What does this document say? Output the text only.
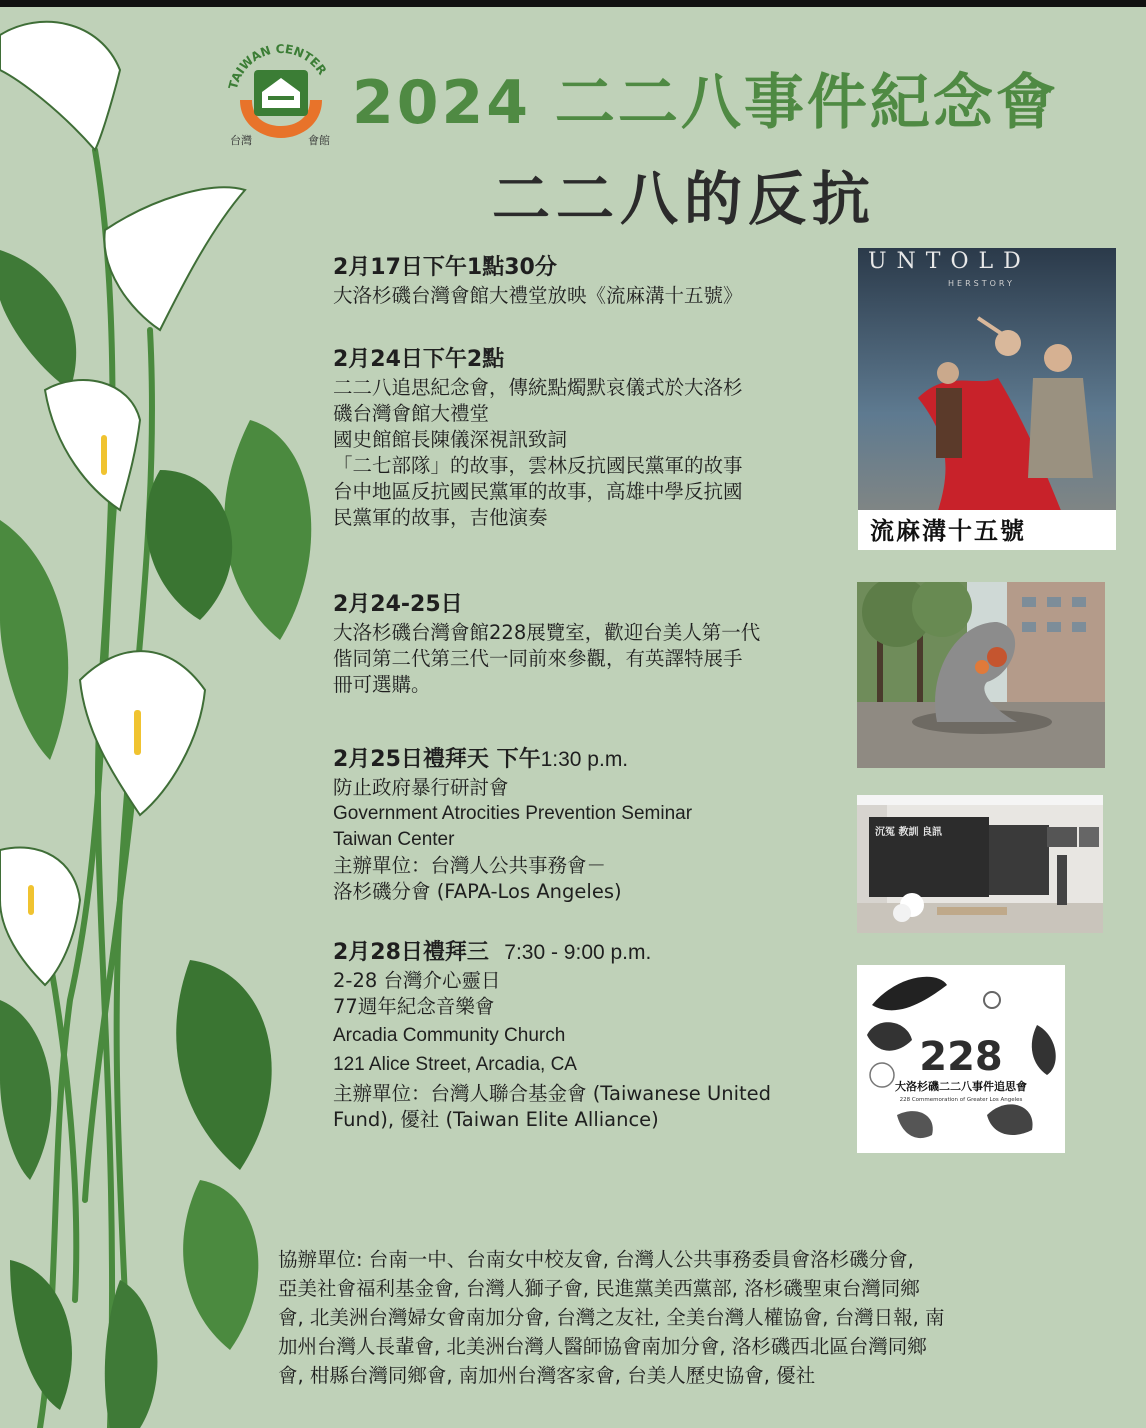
TAIWAN CENTER
台灣	會館
2024 二二八事件紀念會
二二八的反抗
2月17日下午1點30分
大洛杉磯台灣會館大禮堂放映《流麻溝十五號》
2月24日下午2點
二二八追思紀念會，傳統點燭默哀儀式於大洛杉
磯台灣會館大禮堂
國史館館長陳儀深視訊致詞
「二七部隊」的故事，雲林反抗國民黨軍的故事
台中地區反抗國民黨軍的故事，高雄中學反抗國
民黨軍的故事，吉他演奏
2月24-25日
大洛杉磯台灣會館228展覽室，歡迎台美人第一代
偕同第二代第三代一同前來參觀，有英譯特展手
冊可選購。
2月25日禮拜天 下午1:30 p.m.
防止政府暴行研討會
Government Atrocities Prevention Seminar
Taiwan Center
主辦單位：台灣人公共事務會－
洛杉磯分會 (FAPA-Los Angeles)
2月28日禮拜三 7:30 - 9:00 p.m.
2-28 台灣介心靈日
77週年紀念音樂會
Arcadia Community Church
121 Alice Street, Arcadia, CA
主辦單位：台灣人聯合基金會 (Taiwanese United
Fund), 優社 (Taiwan Elite Alliance)
UNTOLD
HERSTORY
流麻溝十五號
沉冤 教訓 良訊
228
大洛杉磯二二八事件追思會
228 Commemoration of Greater Los Angeles
協辦單位: 台南一中、台南女中校友會, 台灣人公共事務委員會洛杉磯分會,
亞美社會福利基金會, 台灣人獅子會, 民進黨美西黨部, 洛杉磯聖東台灣同鄉
會, 北美洲台灣婦女會南加分會, 台灣之友社, 全美台灣人權協會, 台灣日報, 南
加州台灣人長輩會, 北美洲台灣人醫師協會南加分會, 洛杉磯西北區台灣同鄉
會, 柑縣台灣同鄉會, 南加州台灣客家會, 台美人歷史協會, 優社
